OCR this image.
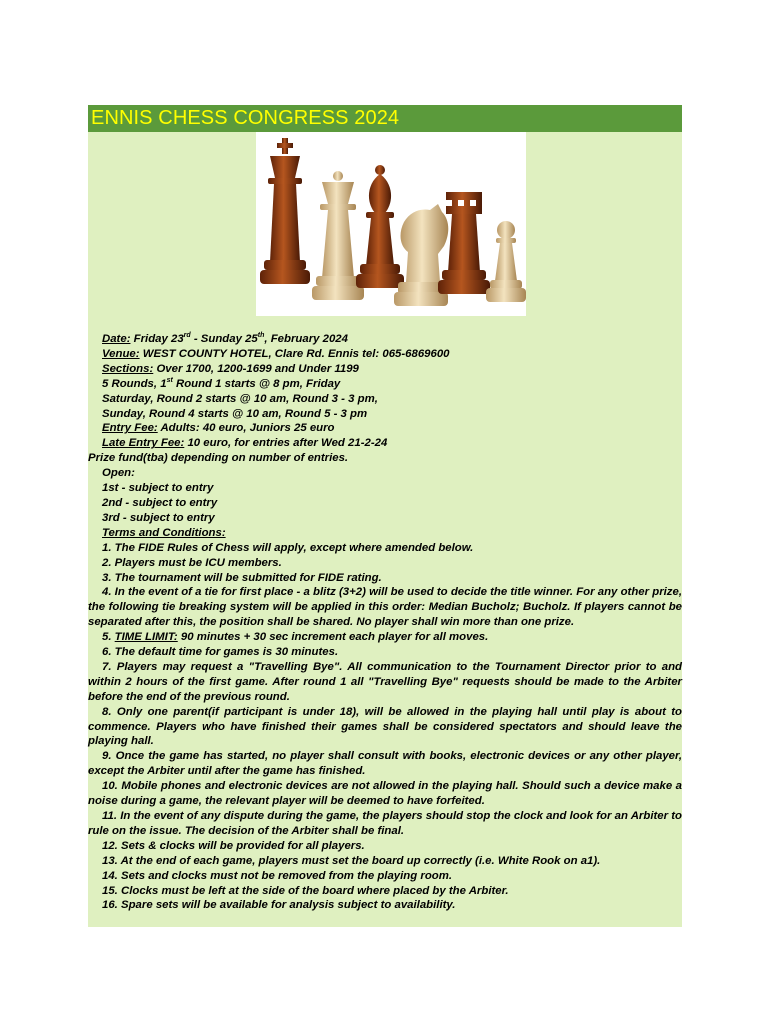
ENNIS CHESS CONGRESS 2024
Date: Friday 23rd - Sunday 25th, February 2024
Venue: WEST COUNTY HOTEL, Clare Rd. Ennis tel: 065-6869600
Sections: Over 1700, 1200-1699 and Under 1199
5 Rounds, 1st Round 1 starts @ 8 pm, Friday
Saturday, Round 2 starts @ 10 am, Round 3 - 3 pm,
Sunday, Round 4 starts @ 10 am, Round 5 - 3 pm
Entry Fee: Adults: 40 euro, Juniors 25 euro
Late Entry Fee: 10 euro, for entries after Wed 21-2-24
Prize fund(tba) depending on number of entries.
Open:
1st - subject to entry
2nd - subject to entry
3rd - subject to entry
Terms and Conditions:
1. The FIDE Rules of Chess will apply, except where amended below.
2. Players must be ICU members.
3. The tournament will be submitted for FIDE rating.
4. In the event of a tie for first place - a blitz (3+2) will be used to decide the title winner. For any other prize, the following tie breaking system will be applied in this order: Median Bucholz; Bucholz. If players cannot be separated after this, the position shall be shared. No player shall win more than one prize.
5. TIME LIMIT: 90 minutes + 30 sec increment each player for all moves.
6. The default time for games is 30 minutes.
7. Players may request a "Travelling Bye". All communication to the Tournament Director prior to and within 2 hours of the first game. After round 1 all "Travelling Bye" requests should be made to the Arbiter before the end of the previous round.
8. Only one parent(if participant is under 18), will be allowed in the playing hall until play is about to commence. Players who have finished their games shall be considered spectators and should leave the playing hall.
9. Once the game has started, no player shall consult with books, electronic devices or any other player, except the Arbiter until after the game has finished.
10. Mobile phones and electronic devices are not allowed in the playing hall. Should such a device make a noise during a game, the relevant player will be deemed to have forfeited.
11. In the event of any dispute during the game, the players should stop the clock and look for an Arbiter to rule on the issue. The decision of the Arbiter shall be final.
12. Sets & clocks will be provided for all players.
13. At the end of each game, players must set the board up correctly (i.e. White Rook on a1).
14. Sets and clocks must not be removed from the playing room.
15. Clocks must be left at the side of the board where placed by the Arbiter.
16. Spare sets will be available for analysis subject to availability.
